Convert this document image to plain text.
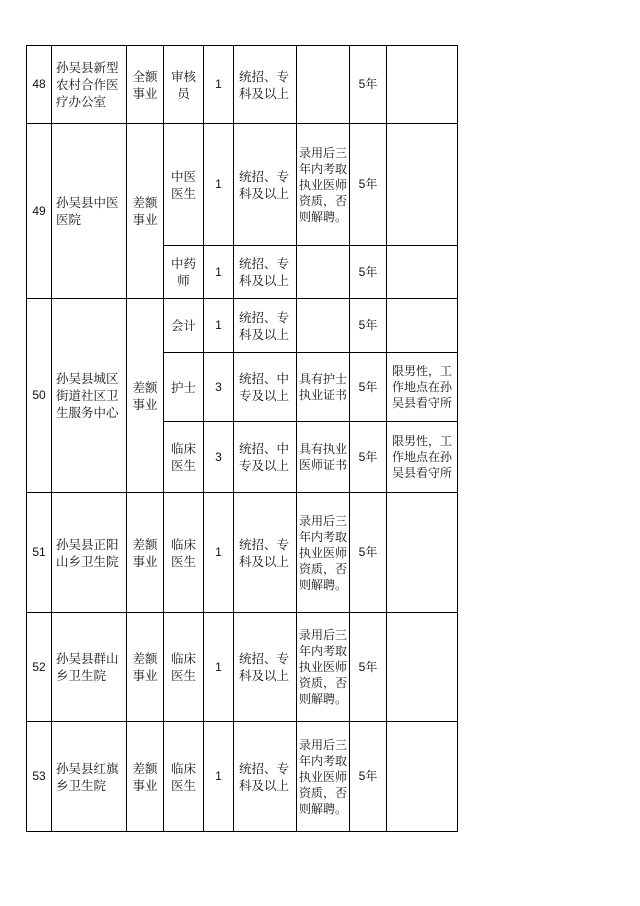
48	孙吴县新型农村合作医疗办公室	全额事业	审核员	1	统招、专科及以上		5年	
49	孙吴县中医医院	差额事业	中医医生	1	统招、专科及以上	录用后三年内考取执业医师资质，否则解聘。	5年	
			中药师	1	统招、专科及以上		5年	
50	孙吴县城区街道社区卫生服务中心	差额事业	会计	1	统招、专科及以上		5年	
			护士	3	统招、中专及以上	具有护士执业证书	5年	限男性，工作地点在孙吴县看守所
			临床医生	3	统招、中专及以上	具有执业医师证书	5年	限男性，工作地点在孙吴县看守所
51	孙吴县正阳山乡卫生院	差额事业	临床医生	1	统招、专科及以上	录用后三年内考取执业医师资质，否则解聘。	5年	
52	孙吴县群山乡卫生院	差额事业	临床医生	1	统招、专科及以上	录用后三年内考取执业医师资质，否则解聘。	5年	
53	孙吴县红旗乡卫生院	差额事业	临床医生	1	统招、专科及以上	录用后三年内考取执业医师资质，否则解聘。	5年	
